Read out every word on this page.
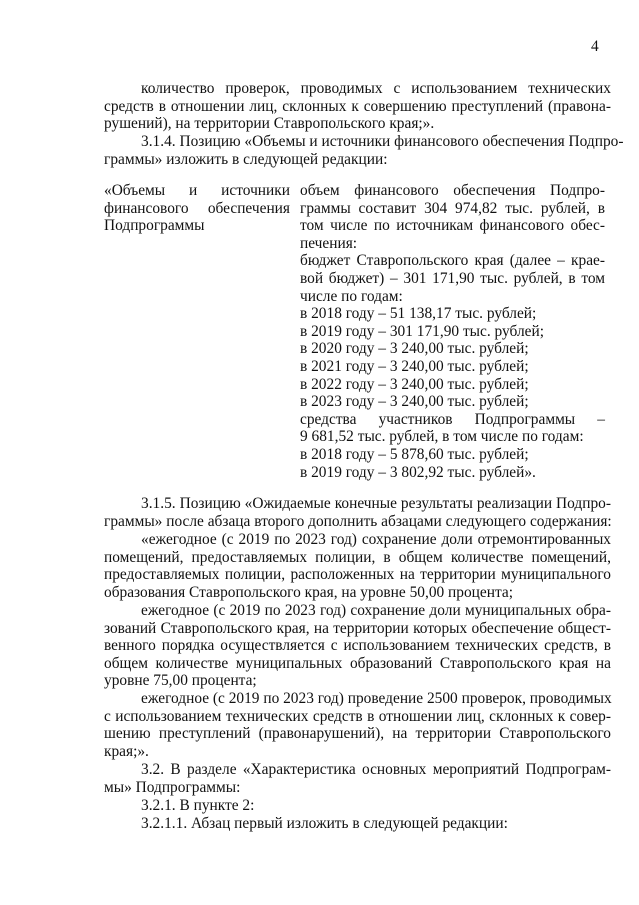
4
количество проверок, проводимых с использованием технических
средств в отношении лиц, склонных к совершению преступлений (правона-
рушений), на территории Ставропольского края;».
3.1.4. Позицию «Объемы и источники финансового обеспечения Подпро-
граммы» изложить в следующей редакции:
«Объемы и источники
финансового обеспечения
Подпрограммы
объем финансового обеспечения Подпро-
граммы составит 304 974,82 тыс. рублей, в
том числе по источникам финансового обес-
печения:
бюджет Ставропольского края (далее – крае-
вой бюджет) – 301 171,90 тыс. рублей, в том
числе по годам:
в 2018 году – 51 138,17 тыс. рублей;
в 2019 году – 301 171,90 тыс. рублей;
в 2020 году – 3 240,00 тыс. рублей;
в 2021 году – 3 240,00 тыс. рублей;
в 2022 году – 3 240,00 тыс. рублей;
в 2023 году – 3 240,00 тыс. рублей;
средства участников Подпрограммы –
9 681,52 тыс. рублей, в том числе по годам:
в 2018 году – 5 878,60 тыс. рублей;
в 2019 году – 3 802,92 тыс. рублей».
3.1.5. Позицию «Ожидаемые конечные результаты реализации Подпро-
граммы» после абзаца второго дополнить абзацами следующего содержания:
«ежегодное (с 2019 по 2023 год) сохранение доли отремонтированных
помещений, предоставляемых полиции, в общем количестве помещений,
предоставляемых полиции, расположенных на территории муниципального
образования Ставропольского края, на уровне 50,00 процента;
ежегодное (с 2019 по 2023 год) сохранение доли муниципальных обра-
зований Ставропольского края, на территории которых обеспечение общест-
венного порядка осуществляется с использованием технических средств, в
общем количестве муниципальных образований Ставропольского края на
уровне 75,00 процента;
ежегодное (с 2019 по 2023 год) проведение 2500 проверок, проводимых
с использованием технических средств в отношении лиц, склонных к совер-
шению преступлений (правонарушений), на территории Ставропольского
края;».
3.2. В разделе «Характеристика основных мероприятий Подпрограм-
мы» Подпрограммы:
3.2.1. В пункте 2:
3.2.1.1. Абзац первый изложить в следующей редакции:
